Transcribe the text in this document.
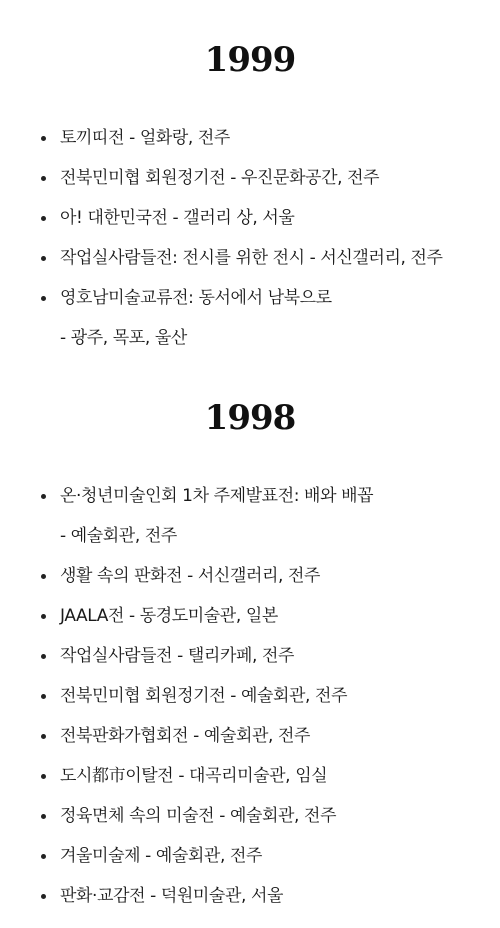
1999
토끼띠전 - 얼화랑, 전주
전북민미협 회원정기전 - 우진문화공간, 전주
아! 대한민국전 - 갤러리 상, 서울
작업실사람들전: 전시를 위한 전시 - 서신갤러리, 전주
영호남미술교류전: 동서에서 남북으로
- 광주, 목포, 울산
1998
온·청년미술인회 1차 주제발표전: 배와 배꼽
- 예술회관, 전주
생활 속의 판화전 - 서신갤러리, 전주
JAALA전 - 동경도미술관, 일본
작업실사람들전 - 탤리카페, 전주
전북민미협 회원정기전 - 예술회관, 전주
전북판화가협회전 - 예술회관, 전주
도시都市이탈전 - 대곡리미술관, 임실
정육면체 속의 미술전 - 예술회관, 전주
겨울미술제 - 예술회관, 전주
판화·교감전 - 덕원미술관, 서울
